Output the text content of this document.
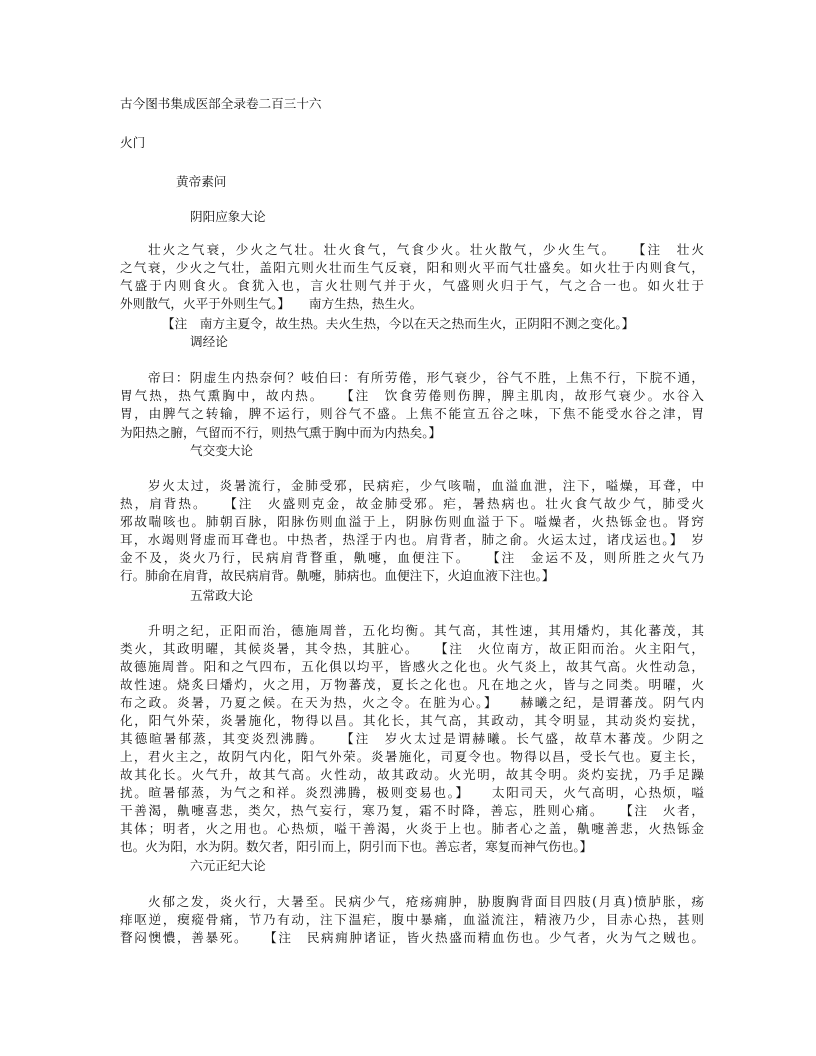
古今图书集成医部全录卷二百三十六
火门
黄帝素问
阴阳应象大论
壮火之气衰，少火之气壮。壮火食气，气食少火。壮火散气，少火生气。　　【注　壮火
之气衰，少火之气壮，盖阳亢则火壮而生气反衰，阳和则火平而气壮盛矣。如火壮于内则食气，
气盛于内则食火。食犹入也，言火壮则气并于火，气盛则火归于气，气之合一也。如火壮于
外则散气，火平于外则生气。】　　南方生热，热生火。
【注　南方主夏令，故生热。夫火生热，今以在天之热而生火，正阴阳不测之变化。】
调经论
帝曰：阴虚生内热奈何？岐伯曰：有所劳倦，形气衰少，谷气不胜，上焦不行，下脘不通，
胃气热，热气熏胸中，故内热。　　【注　饮食劳倦则伤脾，脾主肌肉，故形气衰少。水谷入
胃，由脾气之转输，脾不运行，则谷气不盛。上焦不能宣五谷之味，下焦不能受水谷之津，胃
为阳热之腑，气留而不行，则热气熏于胸中而为内热矣。】
气交变大论
岁火太过，炎暑流行，金肺受邪，民病疟，少气咳喘，血溢血泄，注下，嗌燥，耳聋，中
热，肩背热。　　【注　火盛则克金，故金肺受邪。疟，暑热病也。壮火食气故少气，肺受火
邪故喘咳也。肺朝百脉，阳脉伤则血溢于上，阴脉伤则血溢于下。嗌燥者，火热铄金也。肾窍
耳，水竭则肾虚而耳聋也。中热者，热淫于内也。肩背者，肺之俞。火运太过，诸戊运也。】　岁
金不及，炎火乃行，民病肩背瞀重，鼽嚏，血便注下。　　【注　金运不及，则所胜之火气乃
行。肺俞在肩背，故民病肩背。鼽嚏，肺病也。血便注下，火迫血液下注也。】
五常政大论
升明之纪，正阳而治，德施周普，五化均衡。其气高，其性速，其用燔灼，其化蕃茂，其
类火，其政明曜，其候炎暑，其令热，其脏心。　　【注　火位南方，故正阳而治。火主阳气，
故德施周普。阳和之气四布，五化俱以均平，皆感火之化也。火气炎上，故其气高。火性动急，
故性速。烧炙曰燔灼，火之用，万物蕃茂，夏长之化也。凡在地之火，皆与之同类。明曜，火
布之政。炎暑，乃夏之候。在天为热，火之令。在脏为心。】　　赫曦之纪，是谓蕃茂。阴气内
化，阳气外荣，炎暑施化，物得以昌。其化长，其气高，其政动，其令明显，其动炎灼妄扰，
其德暄暑郁蒸，其变炎烈沸腾。　　【注　岁火太过是谓赫曦。长气盛，故草木蕃茂。少阴之
上，君火主之，故阴气内化，阳气外荣。炎暑施化，司夏令也。物得以昌，受长气也。夏主长，
故其化长。火气升，故其气高。火性动，故其政动。火光明，故其令明。炎灼妄扰，乃手足躁
扰。暄暑郁蒸，为气之和祥。炎烈沸腾，极则变易也。】　　太阳司天，火气高明，心热烦，嗌
干善渴，鼽嚏喜悲，类欠，热气妄行，寒乃复，霜不时降，善忘，胜则心痛。　　【注　火者，
其体；明者，火之用也。心热烦，嗌干善渴，火炎于上也。肺者心之盖，鼽嚏善悲，火热铄金
也。火为阳，水为阴。数欠者，阳引而上，阴引而下也。善忘者，寒复而神气伤也。】
六元正纪大论
火郁之发，炎火行，大暑至。民病少气，疮疡痈肿，胁腹胸背面目四肢(月真)愤胪胀，疡
痱呕逆，瘈瘲骨痛，节乃有动，注下温疟，腹中暴痛，血溢流注，精液乃少，目赤心热，甚则
瞀闷懊憹，善暴死。　　【注　民病痈肿诸证，皆火热盛而精血伤也。少气者，火为气之贼也。
